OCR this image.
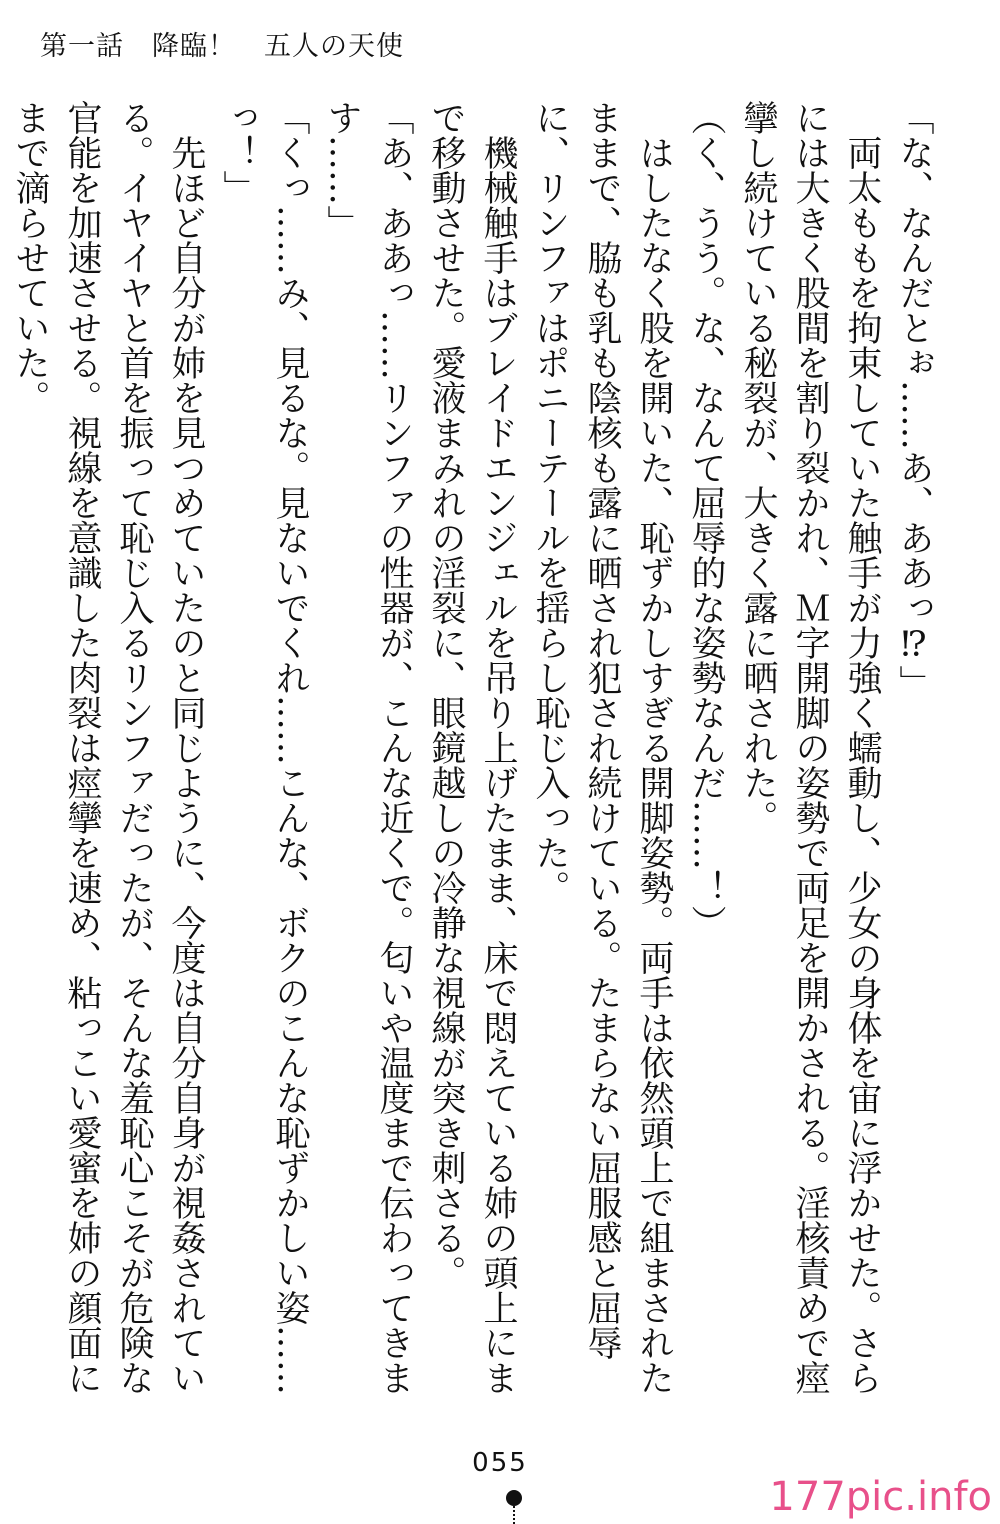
第一話　降臨！　五人の天使

「な、なんだとぉ……あ、ああっ⁉」

　両太ももを拘束していた触手が力強く蠕動し、少女の身体を宙に浮かせた。さらには大きく股間を割り裂かれ、Ｍ字開脚の姿勢で両足を開かされる。淫核責めで痙攣し続けている秘裂が、大きく露に晒された。

（く、うう。な、なんて屈辱的な姿勢なんだ……！）

　はしたなく股を開いた、恥ずかしすぎる開脚姿勢。両手は依然頭上で組まされたままで、脇も乳も陰核も露に晒され犯され続けている。たまらない屈服感と屈辱に、リンファはポニーテールを揺らし恥じ入った。

　機械触手はブレイドエンジェルを吊り上げたまま、床で悶えている姉の頭上にまで移動させた。愛液まみれの淫裂に、眼鏡越しの冷静な視線が突き刺さる。

「あ、ああっ……リンファの性器が、こんな近くで。匂いや温度まで伝わってきます……」

「くっ……み、見るな。見ないでくれ……こんな、ボクのこんな恥ずかしい姿……っ！」

　先ほど自分が姉を見つめていたのと同じように、今度は自分自身が視姦されている。イヤイヤと首を振って恥じ入るリンファだったが、そんな羞恥心こそが危険な官能を加速させる。視線を意識した肉裂は痙攣を速め、粘っこい愛蜜を姉の顔面にまで滴らせていた。

055
177pic.info
